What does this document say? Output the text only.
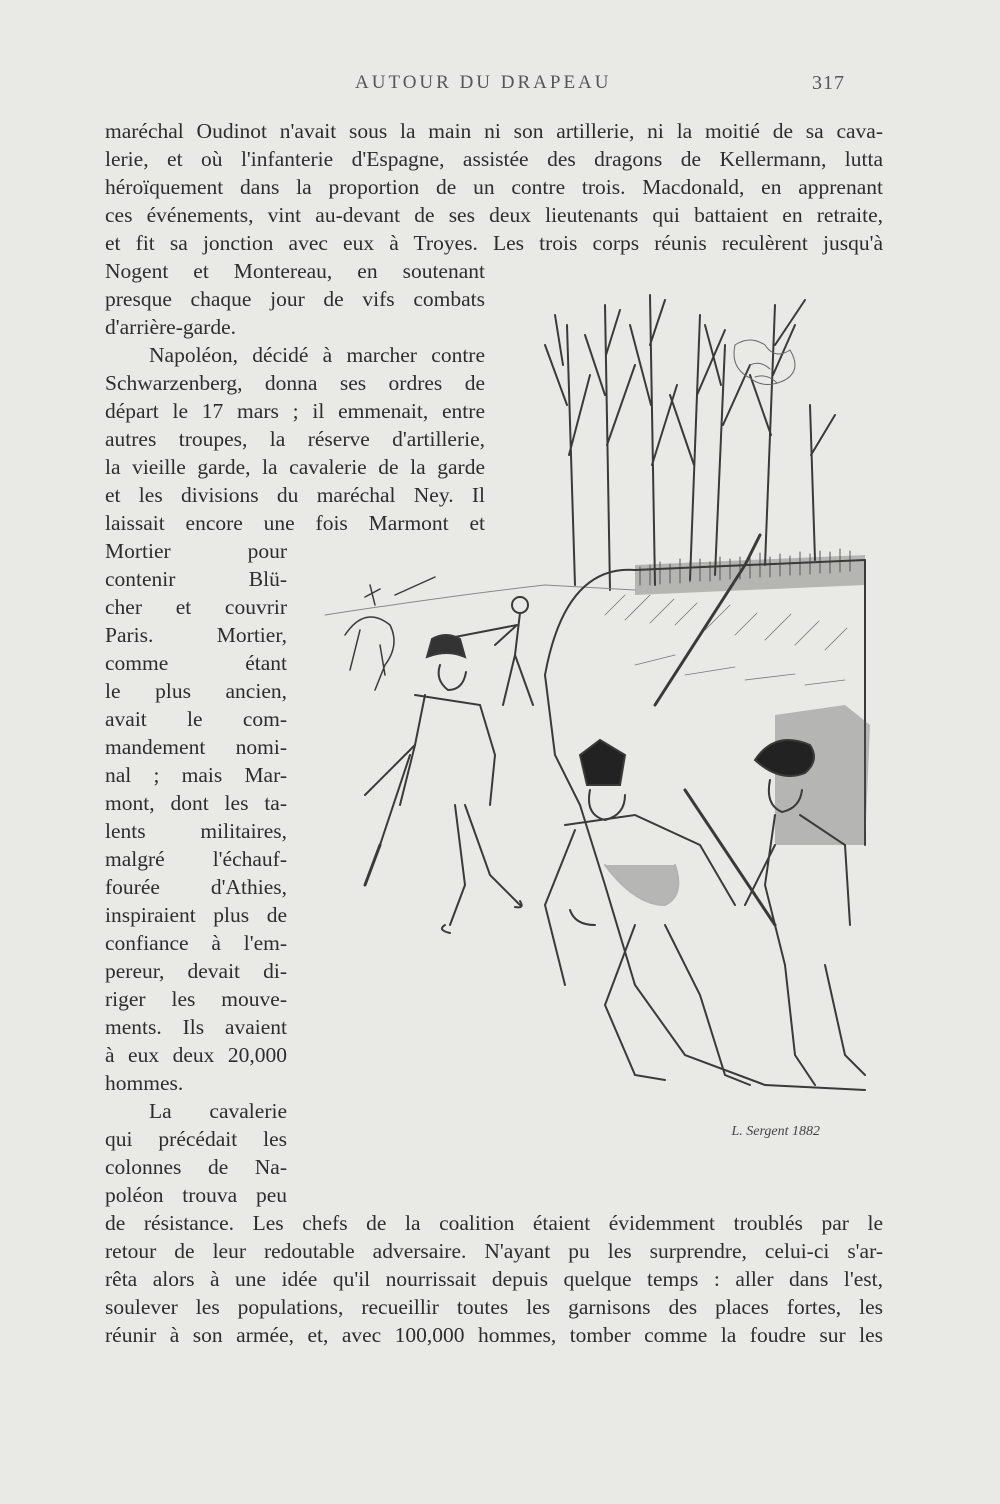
AUTOUR DU DRAPEAU	317
maréchal Oudinot n'avait sous la main ni son artillerie, ni la moitié de sa cava-
lerie, et où l'infanterie d'Espagne, assistée des dragons de Kellermann, lutta
héroïquement dans la proportion de un contre trois. Macdonald, en apprenant
ces événements, vint au-devant de ses deux lieutenants qui battaient en retraite,
et fit sa jonction avec eux à Troyes. Les trois corps réunis reculèrent jusqu'à
Nogent et Montereau, en soutenant
presque chaque jour de vifs combats
d'arrière-garde.
Napoléon, décidé à marcher contre
Schwarzenberg, donna ses ordres de
départ le 17 mars ; il emmenait, entre
autres troupes, la réserve d'artillerie,
la vieille garde, la cavalerie de la garde
et les divisions du maréchal Ney. Il
laissait encore une fois Marmont et
Mortier pour
contenir Blü-
cher et couvrir
Paris. Mortier,
comme étant
le plus ancien,
avait le com-
mandement nomi-
nal ; mais Mar-
mont, dont les ta-
lents militaires,
malgré l'échauf-
fourée d'Athies,
inspiraient plus de
confiance à l'em-
pereur, devait di-
riger les mouve-
ments. Ils avaient
à eux deux 20,000
hommes.
La cavalerie
qui précédait les
colonnes de Na-
poléon trouva peu
de résistance. Les chefs de la coalition étaient évidemment troublés par le
retour de leur redoutable adversaire. N'ayant pu les surprendre, celui-ci s'ar-
rêta alors à une idée qu'il nourrissait depuis quelque temps : aller dans l'est,
soulever les populations, recueillir toutes les garnisons des places fortes, les
réunir à son armée, et, avec 100,000 hommes, tomber comme la foudre sur les
L. Sergent 1882
